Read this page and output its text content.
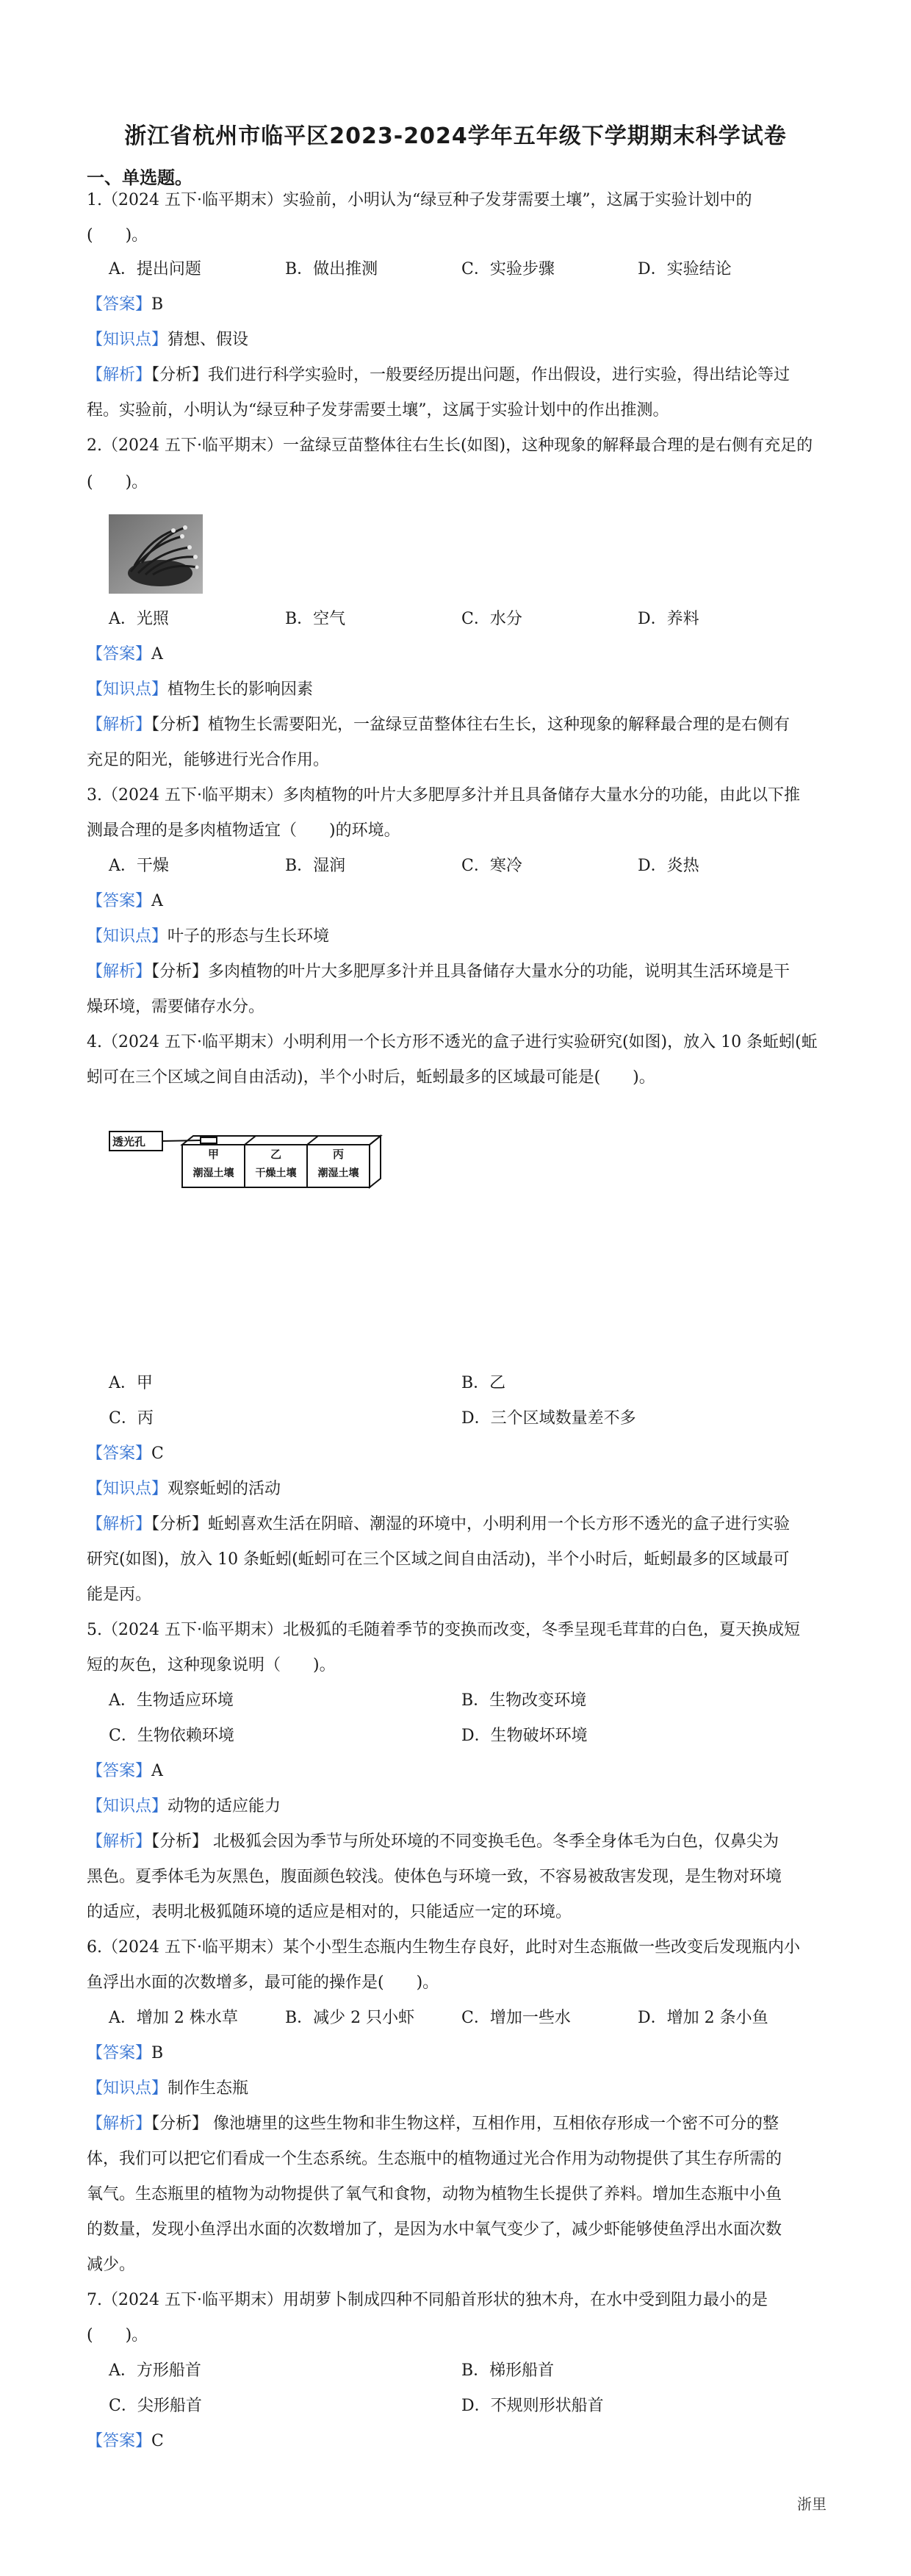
浙江省杭州市临平区2023-2024学年五年级下学期期末科学试卷
一、单选题。
1.（2024 五下·临平期末）实验前，小明认为“绿豆种子发芽需要土壤”，这属于实验计划中的
(　　)。
A．提出问题	B．做出推测	C．实验步骤	D．实验结论
【答案】B
【知识点】猜想、假设
【解析】【分析】我们进行科学实验时，一般要经历提出问题，作出假设，进行实验，得出结论等过
程。实验前，小明认为“绿豆种子发芽需要土壤”，这属于实验计划中的作出推测。
2.（2024 五下·临平期末）一盆绿豆苗整体往右生长(如图)，这种现象的解释最合理的是右侧有充足的
(　　)。
A．光照	B．空气	C．水分	D．养料
【答案】A
【知识点】植物生长的影响因素
【解析】【分析】植物生长需要阳光，一盆绿豆苗整体往右生长，这种现象的解释最合理的是右侧有
充足的阳光，能够进行光合作用。
3.（2024 五下·临平期末）多肉植物的叶片大多肥厚多汁并且具备储存大量水分的功能，由此以下推
测最合理的是多肉植物适宜（　　)的环境。
A．干燥	B．湿润	C．寒冷	D．炎热
【答案】A
【知识点】叶子的形态与生长环境
【解析】【分析】多肉植物的叶片大多肥厚多汁并且具备储存大量水分的功能，说明其生活环境是干
燥环境，需要储存水分。
4.（2024 五下·临平期末）小明利用一个长方形不透光的盒子进行实验研究(如图)，放入 10 条蚯蚓(蚯
蚓可在三个区域之间自由活动)，半个小时后，蚯蚓最多的区域最可能是(　　)。
透光孔
甲	乙	丙
潮湿土壤	干燥土壤	潮湿土壤
A．甲	B．乙
C．丙	D．三个区域数量差不多
【答案】C
【知识点】观察蚯蚓的活动
【解析】【分析】蚯蚓喜欢生活在阴暗、潮湿的环境中，小明利用一个长方形不透光的盒子进行实验
研究(如图)，放入 10 条蚯蚓(蚯蚓可在三个区域之间自由活动)，半个小时后，蚯蚓最多的区域最可
能是丙。
5.（2024 五下·临平期末）北极狐的毛随着季节的变换而改变，冬季呈现毛茸茸的白色，夏天换成短
短的灰色，这种现象说明（　　)。
A．生物适应环境	B．生物改变环境
C．生物依赖环境	D．生物破坏环境
【答案】A
【知识点】动物的适应能力
【解析】【分析】 北极狐会因为季节与所处环境的不同变换毛色。冬季全身体毛为白色，仅鼻尖为
黑色。夏季体毛为灰黑色，腹面颜色较浅。使体色与环境一致，不容易被敌害发现，是生物对环境
的适应，表明北极狐随环境的适应是相对的，只能适应一定的环境。
6.（2024 五下·临平期末）某个小型生态瓶内生物生存良好，此时对生态瓶做一些改变后发现瓶内小
鱼浮出水面的次数增多，最可能的操作是(　　)。
A．增加 2 株水草	B．减少 2 只小虾	C．增加一些水	D．增加 2 条小鱼
【答案】B
【知识点】制作生态瓶
【解析】【分析】 像池塘里的这些生物和非生物这样，互相作用，互相依存形成一个密不可分的整
体，我们可以把它们看成一个生态系统。生态瓶中的植物通过光合作用为动物提供了其生存所需的
氧气。生态瓶里的植物为动物提供了氧气和食物，动物为植物生长提供了养料。增加生态瓶中小鱼
的数量，发现小鱼浮出水面的次数增加了，是因为水中氧气变少了，减少虾能够使鱼浮出水面次数
减少。
7.（2024 五下·临平期末）用胡萝卜制成四种不同船首形状的独木舟，在水中受到阻力最小的是
(　　)。
A．方形船首	B．梯形船首
C．尖形船首	D．不规则形状船首
【答案】C
浙里
